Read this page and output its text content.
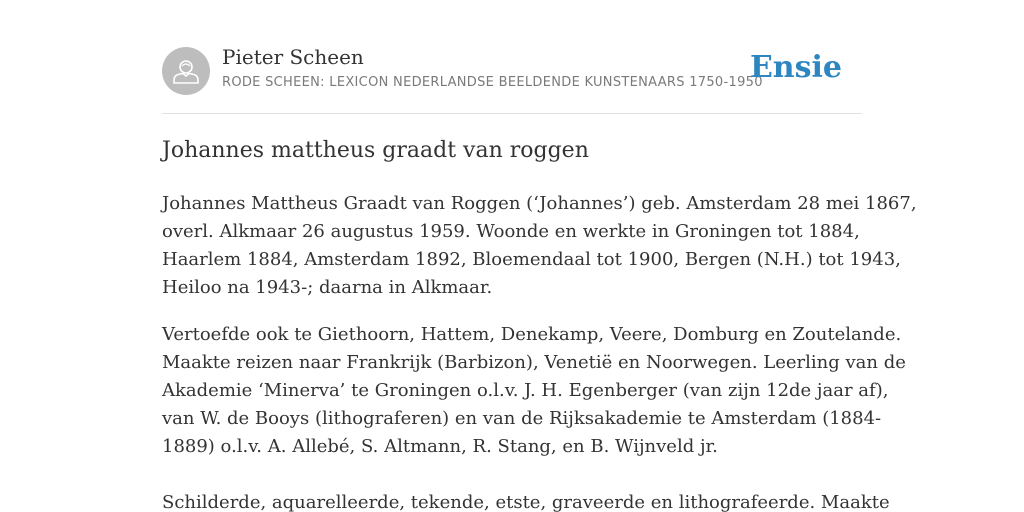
Pieter Scheen
RODE SCHEEN: LEXICON NEDERLANDSE BEELDENDE KUNSTENAARS 1750-1950
Ensie
Johannes mattheus graadt van roggen

Johannes Mattheus Graadt van Roggen (‘Johannes’) geb. Amsterdam 28 mei 1867,

overl. Alkmaar 26 augustus 1959. Woonde en werkte in Groningen tot 1884,

Haarlem 1884, Amsterdam 1892, Bloemendaal tot 1900, Bergen (N.H.) tot 1943,

Heiloo na 1943-; daarna in Alkmaar.

Vertoefde ook te Giethoorn, Hattem, Denekamp, Veere, Domburg en Zoutelande.

Maakte reizen naar Frankrijk (Barbizon), Venetië en Noorwegen. Leerling van de

Akademie ‘Minerva’ te Groningen o.l.v. J. H. Egenberger (van zijn 12de jaar af),

van W. de Booys (lithograferen) en van de Rijksakademie te Amsterdam (1884-

1889) o.l.v. A. Allebé, S. Altmann, R. Stang, en B. Wijnveld jr.

Schilderde, aquarelleerde, tekende, etste, graveerde en lithografeerde. Maakte
